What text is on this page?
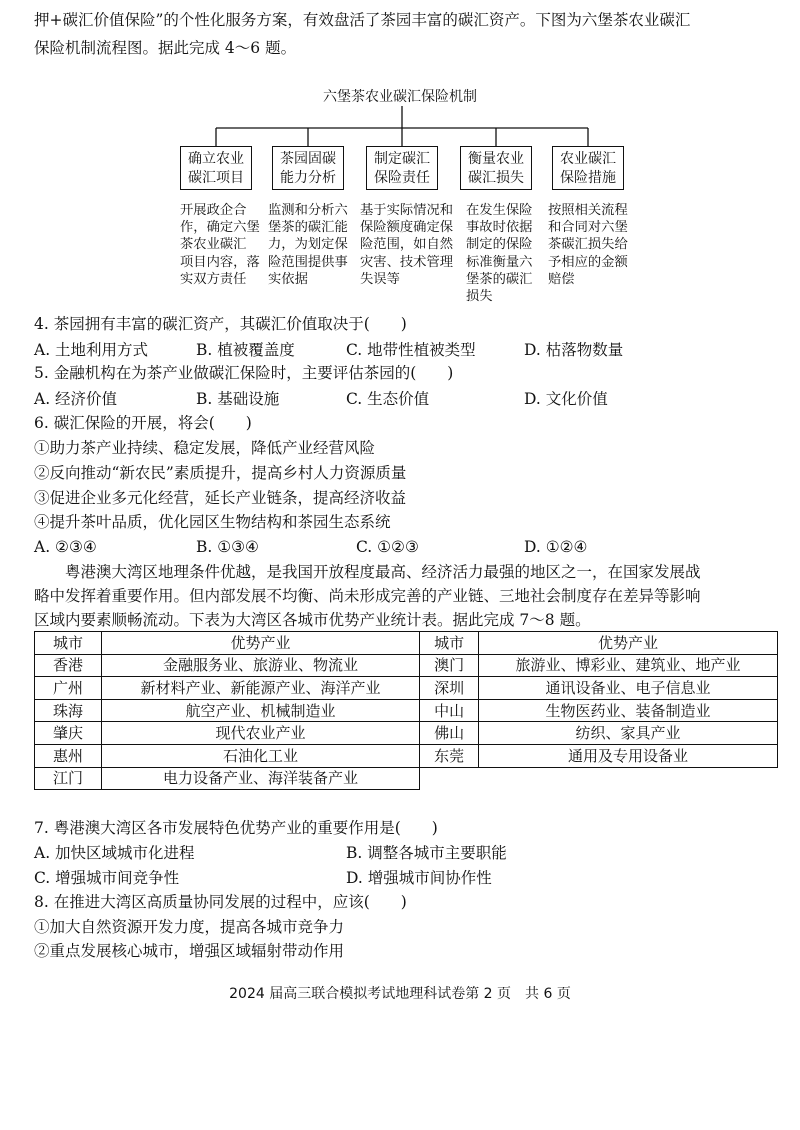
押+碳汇价值保险”的个性化服务方案，有效盘活了茶园丰富的碳汇资产。下图为六堡茶农业碳汇
保险机制流程图。据此完成 4～6 题。
六堡茶农业碳汇保险机制
确立农业
碳汇项目
茶园固碳
能力分析
制定碳汇
保险责任
衡量农业
碳汇损失
农业碳汇
保险措施
开展政企合
作，确定六堡
茶农业碳汇
项目内容，落
实双方责任
监测和分析六
堡茶的碳汇能
力，为划定保
险范围提供事
实依据
基于实际情况和
保险额度确定保
险范围，如自然
灾害、技术管理
失误等
在发生保险
事故时依据
制定的保险
标准衡量六
堡茶的碳汇
损失
按照相关流程
和合同对六堡
茶碳汇损失给
予相应的金额
赔偿
4. 茶园拥有丰富的碳汇资产，其碳汇价值取决于(　　)
A. 土地利用方式	B. 植被覆盖度	C. 地带性植被类型	D. 枯落物数量
5. 金融机构在为茶产业做碳汇保险时，主要评估茶园的(　　)
A. 经济价值	B. 基础设施	C. 生态价值	D. 文化价值
6. 碳汇保险的开展，将会(　　)
①助力茶产业持续、稳定发展，降低产业经营风险
②反向推动“新农民”素质提升，提高乡村人力资源质量
③促进企业多元化经营，延长产业链条，提高经济收益
④提升茶叶品质，优化园区生物结构和茶园生态系统
A. ②③④	B. ①③④	C. ①②③	D. ①②④
　　粤港澳大湾区地理条件优越，是我国开放程度最高、经济活力最强的地区之一，在国家发展战
略中发挥着重要作用。但内部发展不均衡、尚未形成完善的产业链、三地社会制度存在差异等影响
区域内要素顺畅流动。下表为大湾区各城市优势产业统计表。据此完成 7～8 题。
城市	优势产业	城市	优势产业
香港	金融服务业、旅游业、物流业	澳门	旅游业、博彩业、建筑业、地产业
广州	新材料产业、新能源产业、海洋产业	深圳	通讯设备业、电子信息业
珠海	航空产业、机械制造业	中山	生物医药业、装备制造业
肇庆	现代农业产业	佛山	纺织、家具产业
惠州	石油化工业	东莞	通用及专用设备业
江门	电力设备产业、海洋装备产业		
7. 粤港澳大湾区各市发展特色优势产业的重要作用是(　　)
A. 加快区域城市化进程	B. 调整各城市主要职能
C. 增强城市间竞争性	D. 增强城市间协作性
8. 在推进大湾区高质量协同发展的过程中，应该(　　)
①加大自然资源开发力度，提高各城市竞争力
②重点发展核心城市，增强区域辐射带动作用
2024 届高三联合模拟考试地理科试卷第 2 页　共 6 页
